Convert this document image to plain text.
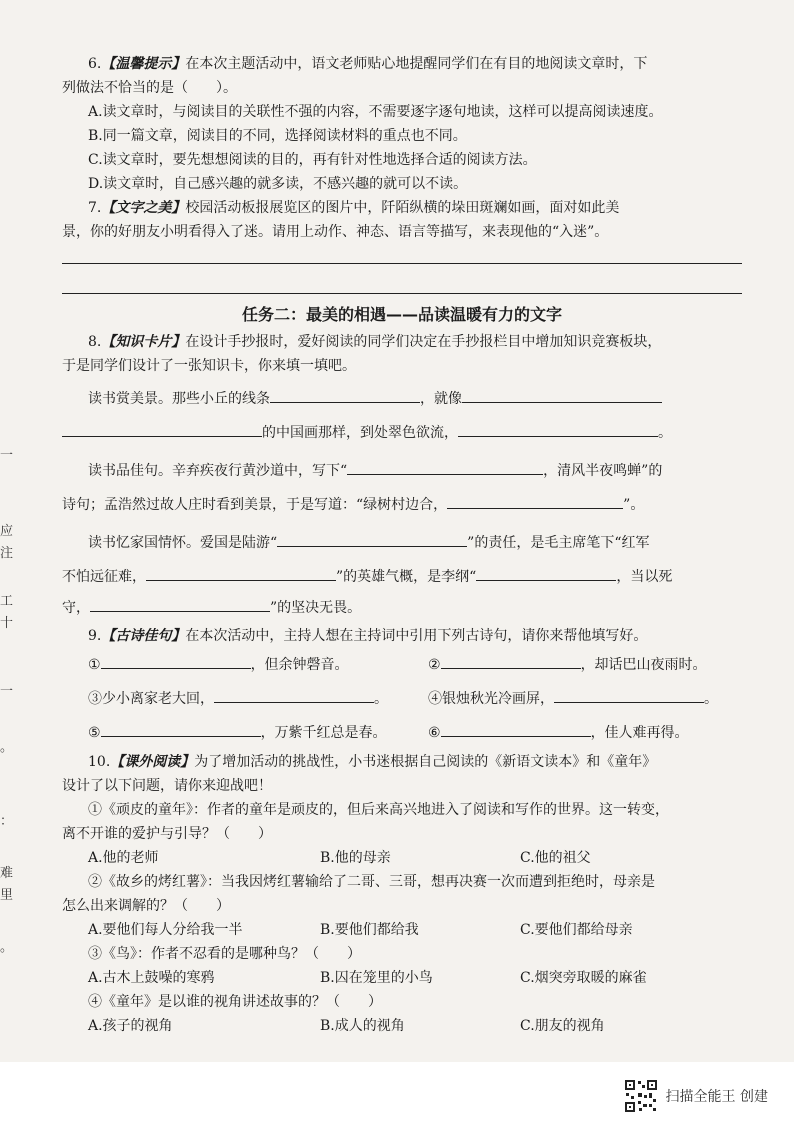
一
应
注
工
十
一
。
：
难
里
。
6.【温馨提示】在本次主题活动中，语文老师贴心地提醒同学们在有目的地阅读文章时，下
列做法不恰当的是（　　）。
A.读文章时，与阅读目的关联性不强的内容，不需要逐字逐句地读，这样可以提高阅读速度。
B.同一篇文章，阅读目的不同，选择阅读材料的重点也不同。
C.读文章时，要先想想阅读的目的，再有针对性地选择合适的阅读方法。
D.读文章时，自己感兴趣的就多读，不感兴趣的就可以不读。
7.【文字之美】校园活动板报展览区的图片中，阡陌纵横的垛田斑斓如画，面对如此美
景，你的好朋友小明看得入了迷。请用上动作、神态、语言等描写，来表现他的“入迷”。
任务二：最美的相遇——品读温暖有力的文字
8.【知识卡片】在设计手抄报时，爱好阅读的同学们决定在手抄报栏目中增加知识竞赛板块，
于是同学们设计了一张知识卡，你来填一填吧。
读书赏美景。那些小丘的线条	，就像
的中国画那样，到处翠色欲流，	。
读书品佳句。辛弃疾夜行黄沙道中，写下“	，清风半夜鸣蝉”的
诗句；孟浩然过故人庄时看到美景，于是写道：“绿树村边合，	”。
读书忆家国情怀。爱国是陆游“	”的责任，是毛主席笔下“红军
不怕远征难，	”的英雄气概，是李纲“	，当以死
守，	”的坚决无畏。
9.【古诗佳句】在本次活动中，主持人想在主持词中引用下列古诗句，请你来帮他填写好。
①	，但余钟磬音。	②	，却话巴山夜雨时。
③少小离家老大回，	。	④银烛秋光冷画屏，	。
⑤	，万紫千红总是春。	⑥	，佳人难再得。
10.【课外阅读】为了增加活动的挑战性，小书迷根据自己阅读的《新语文读本》和《童年》
设计了以下问题，请你来迎战吧！
①《顽皮的童年》：作者的童年是顽皮的，但后来高兴地进入了阅读和写作的世界。这一转变，
离不开谁的爱护与引导？（　　）
A.他的老师	B.他的母亲	C.他的祖父
②《故乡的烤红薯》：当我因烤红薯输给了二哥、三哥，想再决赛一次而遭到拒绝时，母亲是
怎么出来调解的？（　　）
A.要他们每人分给我一半	B.要他们都给我	C.要他们都给母亲
③《鸟》：作者不忍看的是哪种鸟？（　　）
A.古木上鼓噪的寒鸦	B.囚在笼里的小鸟	C.烟突旁取暖的麻雀
④《童年》是以谁的视角讲述故事的？（　　）
A.孩子的视角	B.成人的视角	C.朋友的视角
扫描全能王 创建
